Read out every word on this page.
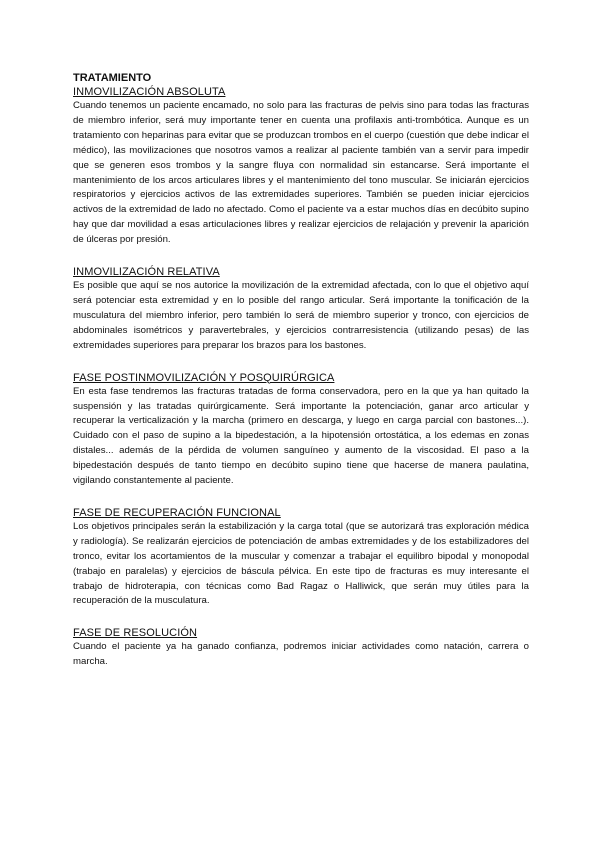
TRATAMIENTO
INMOVILIZACIÓN ABSOLUTA

Cuando tenemos un paciente encamado, no solo para las fracturas de pelvis sino para todas las fracturas de miembro inferior, será muy importante tener en cuenta una profilaxis anti-trombótica. Aunque es un tratamiento con heparinas para evitar que se produzcan trombos en el cuerpo (cuestión que debe indicar el médico), las movilizaciones que nosotros vamos a realizar al paciente también van a servir para impedir que se generen esos trombos y la sangre fluya con normalidad sin estancarse. Será importante el mantenimiento de los arcos articulares libres y el mantenimiento del tono muscular. Se iniciarán ejercicios respiratorios y ejercicios activos de las extremidades superiores. También se pueden iniciar ejercicios activos de la extremidad de lado no afectado. Como el paciente va a estar muchos días en decúbito supino hay que dar movilidad a esas articulaciones libres y realizar ejercicios de relajación y prevenir la aparición de úlceras por presión.

INMOVILIZACIÓN RELATIVA

Es posible que aquí se nos autorice la movilización de la extremidad afectada, con lo que el objetivo aquí será potenciar esta extremidad y en lo posible del rango articular. Será importante la tonificación de la musculatura del miembro inferior, pero también lo será de miembro superior y tronco, con ejercicios de abdominales isométricos y paravertebrales, y ejercicios contrarresistencia (utilizando pesas) de las extremidades superiores para preparar los brazos para los bastones.

FASE POSTINMOVILIZACIÓN Y POSQUIRÚRGICA

En esta fase tendremos las fracturas tratadas de forma conservadora, pero en la que ya han quitado la suspensión y las tratadas quirúrgicamente. Será importante la potenciación, ganar arco articular y recuperar la verticalización y la marcha (primero en descarga, y luego en carga parcial con bastones...). Cuidado con el paso de supino a la bipedestación, a la hipotensión ortostática, a los edemas en zonas distales... además de la pérdida de volumen sanguíneo y aumento de la viscosidad. El paso a la bipedestación después de tanto tiempo en decúbito supino tiene que hacerse de manera paulatina, vigilando constantemente al paciente.

FASE DE RECUPERACIÓN FUNCIONAL

Los objetivos principales serán la estabilización y la carga total (que se autorizará tras exploración médica y radiología). Se realizarán ejercicios de potenciación de ambas extremidades y de los estabilizadores del tronco, evitar los acortamientos de la muscular y comenzar a trabajar el equilibro bipodal y monopodal (trabajo en paralelas) y ejercicios de báscula pélvica. En este tipo de fracturas es muy interesante el trabajo de hidroterapia, con técnicas como Bad Ragaz o Halliwick, que serán muy útiles para la recuperación de la musculatura.

FASE DE RESOLUCIÓN

Cuando el paciente ya ha ganado confianza, podremos iniciar actividades como natación, carrera o marcha.
